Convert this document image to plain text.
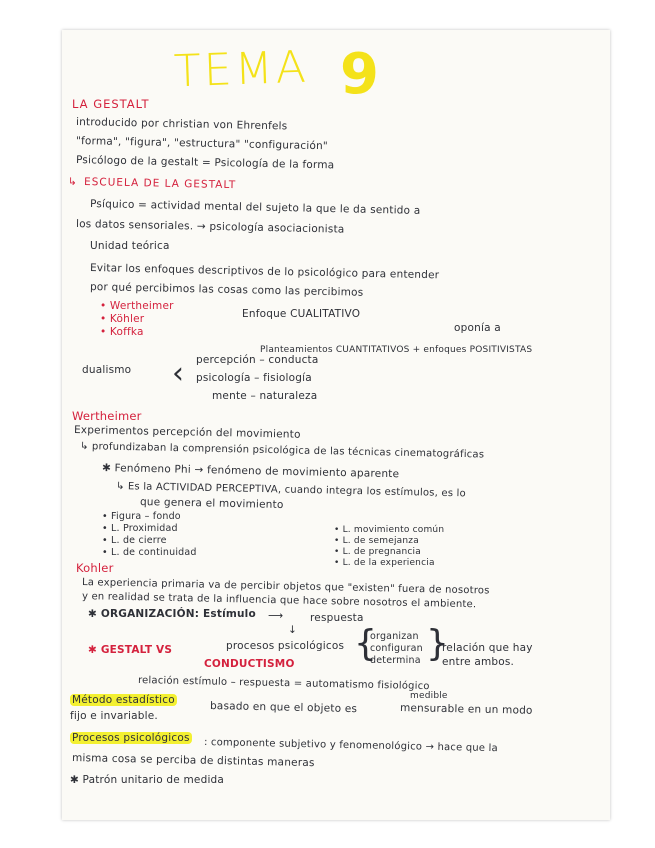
TEMA 9
LA GESTALT
introducido por christian von Ehrenfels
"forma", "figura", "estructura" "configuración"
Psicólogo de la gestalt = Psicología de la forma
↳ ESCUELA DE LA GESTALT
Psíquico = actividad mental del sujeto la que le da sentido a
los datos sensoriales. → psicología asociacionista
Unidad teórica
Evitar los enfoques descriptivos de lo psicológico para entender
por qué percibimos las cosas como las percibimos
• Wertheimer
• Köhler
• Koffka
Enfoque CUALITATIVO
oponía a
Planteamientos CUANTITATIVOS + enfoques POSITIVISTAS
dualismo ‹ percepción – conducta
psicología – fisiología
mente – naturaleza
Wertheimer
Experimentos percepción del movimiento
↳ profundizaban la comprensión psicológica de las técnicas cinematográficas
✱ Fenómeno Phi → fenómeno de movimiento aparente
↳ Es la ACTIVIDAD PERCEPTIVA, cuando integra los estímulos, es lo
que genera el movimiento
• Figura – fondo
• L. Proximidad
• L. de cierre
• L. de continuidad
• L. movimiento común
• L. de semejanza
• L. de pregnancia
• L. de la experiencia
Kohler
La experiencia primaria va de percibir objetos que "existen" fuera de nosotros
y en realidad se trata de la influencia que hace sobre nosotros el ambiente.
✱ ORGANIZACIÓN: Estímulo ⟶	respuesta
↓
procesos psicológicos {
organizan
configuran
determina }
relación que hay
entre ambos.
✱ GESTALT VS
CONDUCTISMO
relación estímulo – respuesta = automatismo fisiológico
Método estadístico
basado en que el objeto es
medible
mensurable en un modo
fijo e invariable.
Procesos psicológicos : componente subjetivo y fenomenológico → hace que la
misma cosa se perciba de distintas maneras
✱ Patrón unitario de medida
